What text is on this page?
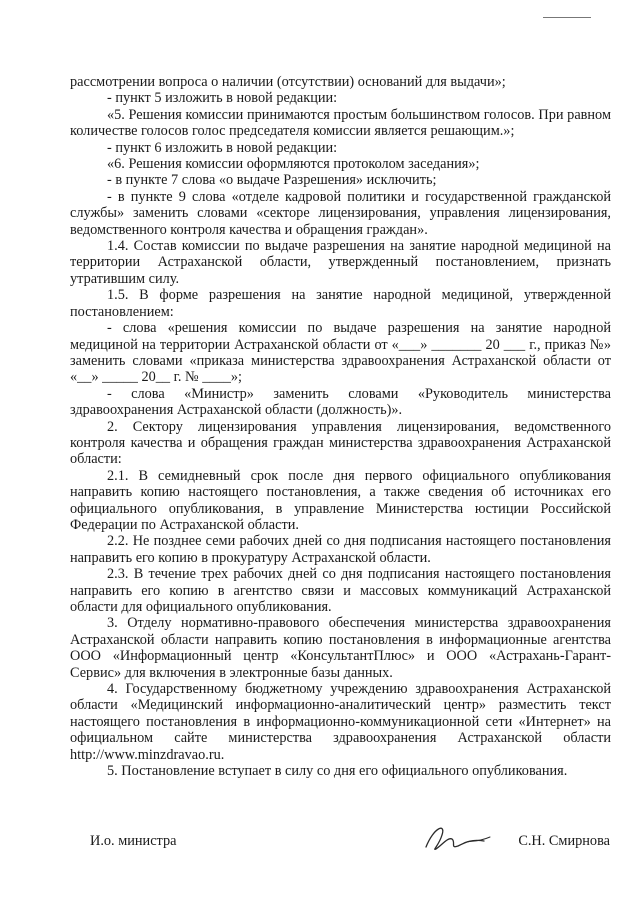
рассмотрении вопроса о наличии (отсутствии) оснований для выдачи»;

- пункт 5 изложить в новой редакции:

«5. Решения комиссии принимаются простым большинством голосов. При равном количестве голосов голос председателя комиссии является решающим.»;

- пункт 6 изложить в новой редакции:

«6. Решения комиссии оформляются протоколом заседания»;

- в пункте 7 слова «о выдаче Разрешения» исключить;

- в пункте 9 слова «отделе кадровой политики и государственной гражданской службы» заменить словами «секторе лицензирования, управления лицензирования, ведомственного контроля качества и обращения граждан».

1.4. Состав комиссии по выдаче разрешения на занятие народной медициной на территории Астраханской области, утвержденный постановлением, признать утратившим силу.

1.5. В форме разрешения на занятие народной медициной, утвержденной постановлением:

- слова «решения комиссии по выдаче разрешения на занятие народной медициной на территории Астраханской области от «___» _______ 20 ___ г., приказ №» заменить словами «приказа министерства здравоохранения Астраханской области от «__» _____ 20__ г. № ____»;

- слова «Министр» заменить словами «Руководитель министерства здравоохранения Астраханской области (должность)».

2. Сектору лицензирования управления лицензирования, ведомственного контроля качества и обращения граждан министерства здравоохранения Астраханской области:

2.1. В семидневный срок после дня первого официального опубликования направить копию настоящего постановления, а также сведения об источниках его официального опубликования, в управление Министерства юстиции Российской Федерации по Астраханской области.

2.2. Не позднее семи рабочих дней со дня подписания настоящего постановления направить его копию в прокуратуру Астраханской области.

2.3. В течение трех рабочих дней со дня подписания настоящего постановления направить его копию в агентство связи и массовых коммуникаций Астраханской области для официального опубликования.

3. Отделу нормативно-правового обеспечения министерства здравоохранения Астраханской области направить копию постановления в информационные агентства ООО «Информационный центр «КонсультантПлюс» и ООО «Астрахань-Гарант-Сервис» для включения в электронные базы данных.

4. Государственному бюджетному учреждению здравоохранения Астраханской области «Медицинский информационно-аналитический центр» разместить текст настоящего постановления в информационно-коммуникационной сети «Интернет» на официальном сайте министерства здравоохранения Астраханской области http://www.minzdravao.ru.

5. Постановление вступает в силу со дня его официального опубликования.

И.о. министра	С.Н. Смирнова
